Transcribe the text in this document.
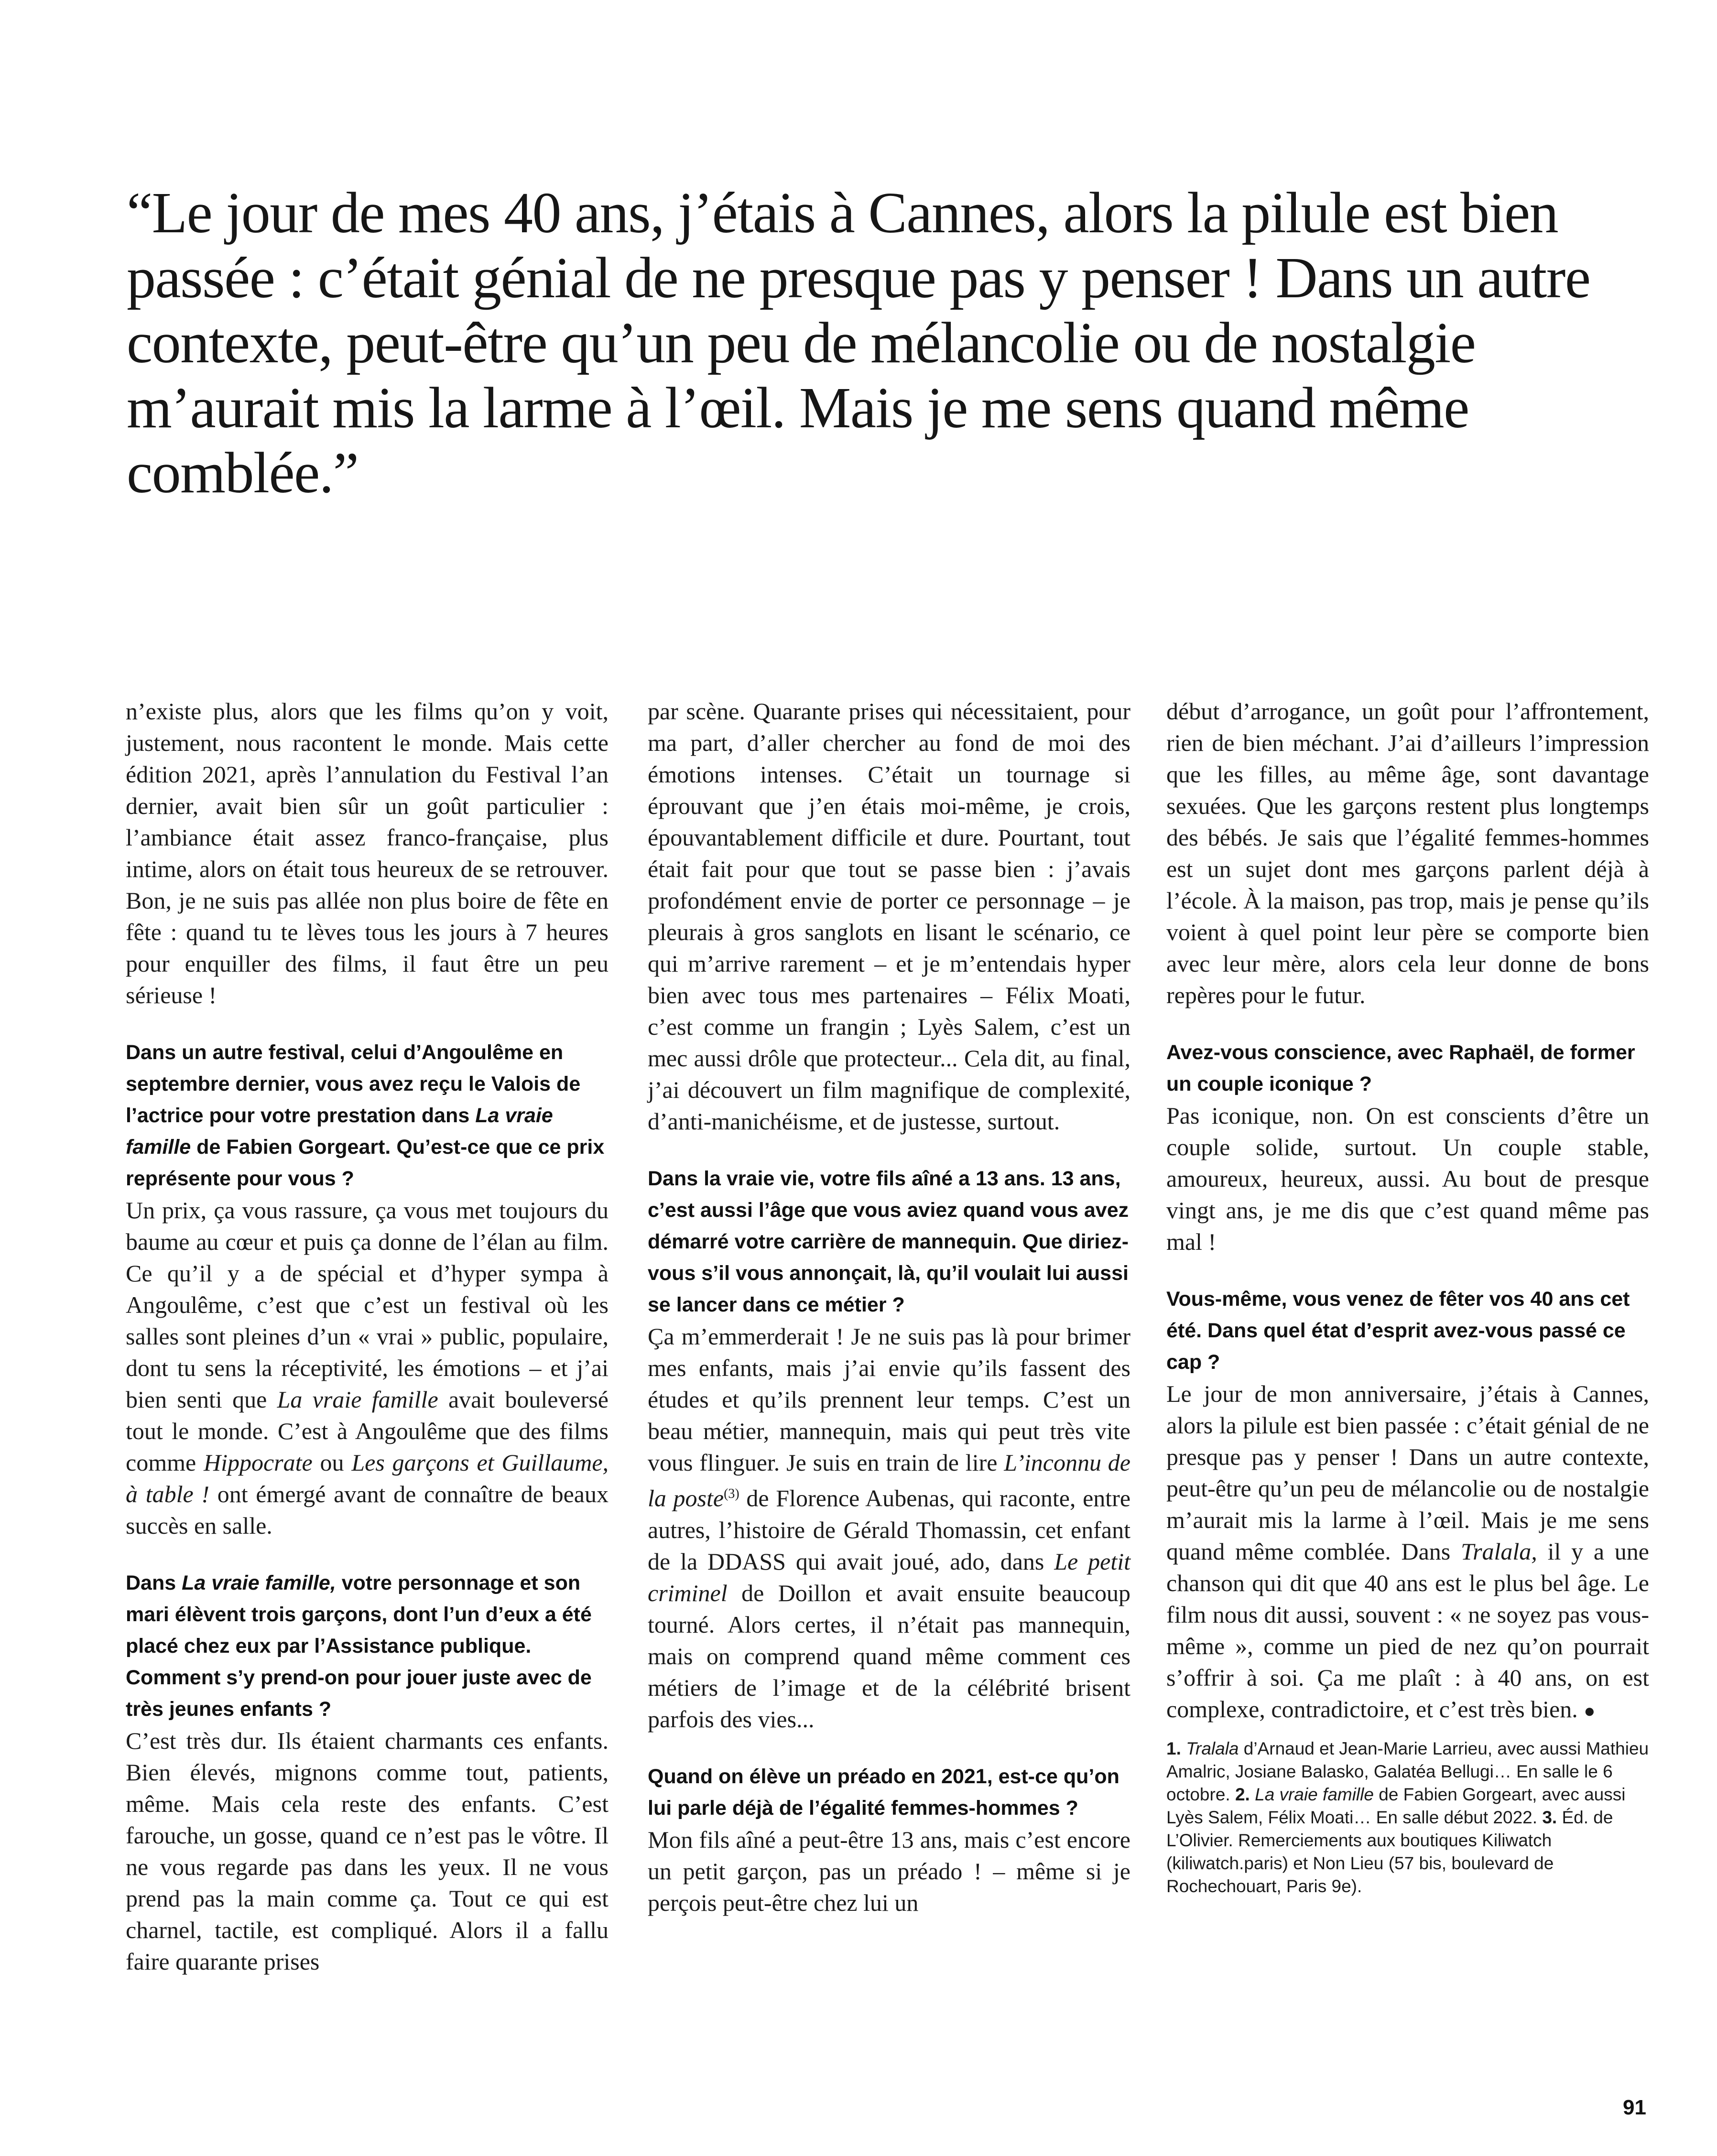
“Le jour de mes 40 ans, j’étais à Cannes, alors la pilule est bien passée : c’était génial de ne presque pas y penser ! Dans un autre contexte, peut-être qu’un peu de mélancolie ou de nostalgie m’aurait mis la larme à l’œil. Mais je me sens quand même comblée.”

n’existe plus, alors que les films qu’on y voit, justement, nous racontent le monde. Mais cette édition 2021, après l’annulation du Festival l’an dernier, avait bien sûr un goût particulier : l’ambiance était assez franco-française, plus intime, alors on était tous heureux de se retrouver. Bon, je ne suis pas allée non plus boire de fête en fête : quand tu te lèves tous les jours à 7 heures pour enquiller des films, il faut être un peu sérieuse !

Dans un autre festival, celui d’Angoulême en septembre dernier, vous avez reçu le Valois de l’actrice pour votre prestation dans La vraie famille de Fabien Gorgeart. Qu’est-ce que ce prix représente pour vous ?

Un prix, ça vous rassure, ça vous met toujours du baume au cœur et puis ça donne de l’élan au film. Ce qu’il y a de spécial et d’hyper sympa à Angoulême, c’est que c’est un festival où les salles sont pleines d’un « vrai » public, populaire, dont tu sens la réceptivité, les émotions – et j’ai bien senti que La vraie famille avait bouleversé tout le monde. C’est à Angoulême que des films comme Hippocrate ou Les garçons et Guillaume, à table ! ont émergé avant de connaître de beaux succès en salle.

Dans La vraie famille, votre personnage et son mari élèvent trois garçons, dont l’un d’eux a été placé chez eux par l’Assistance publique. Comment s’y prend-on pour jouer juste avec de très jeunes enfants ?

C’est très dur. Ils étaient charmants ces enfants. Bien élevés, mignons comme tout, patients, même. Mais cela reste des enfants. C’est farouche, un gosse, quand ce n’est pas le vôtre. Il ne vous regarde pas dans les yeux. Il ne vous prend pas la main comme ça. Tout ce qui est charnel, tactile, est compliqué. Alors il a fallu faire quarante prises

par scène. Quarante prises qui nécessitaient, pour ma part, d’aller chercher au fond de moi des émotions intenses. C’était un tournage si éprouvant que j’en étais moi-même, je crois, épouvantablement difficile et dure. Pourtant, tout était fait pour que tout se passe bien : j’avais profondément envie de porter ce personnage – je pleurais à gros sanglots en lisant le scénario, ce qui m’arrive rarement – et je m’entendais hyper bien avec tous mes partenaires – Félix Moati, c’est comme un frangin ; Lyès Salem, c’est un mec aussi drôle que protecteur... Cela dit, au final, j’ai découvert un film magnifique de complexité, d’anti-manichéisme, et de justesse, surtout.

Dans la vraie vie, votre fils aîné a 13 ans. 13 ans, c’est aussi l’âge que vous aviez quand vous avez démarré votre carrière de mannequin. Que diriez-vous s’il vous annonçait, là, qu’il voulait lui aussi se lancer dans ce métier ?

Ça m’emmerderait ! Je ne suis pas là pour brimer mes enfants, mais j’ai envie qu’ils fassent des études et qu’ils prennent leur temps. C’est un beau métier, mannequin, mais qui peut très vite vous flinguer. Je suis en train de lire L’inconnu de la poste$^{(3)}$ de Florence Aubenas, qui raconte, entre autres, l’histoire de Gérald Thomassin, cet enfant de la DDASS qui avait joué, ado, dans Le petit criminel de Doillon et avait ensuite beaucoup tourné. Alors certes, il n’était pas mannequin, mais on comprend quand même comment ces métiers de l’image et de la célébrité brisent parfois des vies...

Quand on élève un préado en 2021, est-ce qu’on lui parle déjà de l’égalité femmes-hommes ?

Mon fils aîné a peut-être 13 ans, mais c’est encore un petit garçon, pas un préado ! – même si je perçois peut-être chez lui un

début d’arrogance, un goût pour l’affrontement, rien de bien méchant. J’ai d’ailleurs l’impression que les filles, au même âge, sont davantage sexuées. Que les garçons restent plus longtemps des bébés. Je sais que l’égalité femmes-hommes est un sujet dont mes garçons parlent déjà à l’école. À la maison, pas trop, mais je pense qu’ils voient à quel point leur père se comporte bien avec leur mère, alors cela leur donne de bons repères pour le futur.

Avez-vous conscience, avec Raphaël, de former un couple iconique ?

Pas iconique, non. On est conscients d’être un couple solide, surtout. Un couple stable, amoureux, heureux, aussi. Au bout de presque vingt ans, je me dis que c’est quand même pas mal !

Vous-même, vous venez de fêter vos 40 ans cet été. Dans quel état d’esprit avez-vous passé ce cap ?

Le jour de mon anniversaire, j’étais à Cannes, alors la pilule est bien passée : c’était génial de ne presque pas y penser ! Dans un autre contexte, peut-être qu’un peu de mélancolie ou de nostalgie m’aurait mis la larme à l’œil. Mais je me sens quand même comblée. Dans Tralala, il y a une chanson qui dit que 40 ans est le plus bel âge. Le film nous dit aussi, souvent : « ne soyez pas vous-même », comme un pied de nez qu’on pourrait s’offrir à soi. Ça me plaît : à 40 ans, on est complexe, contradictoire, et c’est très bien. ●

1. Tralala d’Arnaud et Jean-Marie Larrieu, avec aussi Mathieu Amalric, Josiane Balasko, Galatéa Bellugi… En salle le 6 octobre. 2. La vraie famille de Fabien Gorgeart, avec aussi Lyès Salem, Félix Moati… En salle début 2022. 3. Éd. de L’Olivier. Remerciements aux boutiques Kiliwatch (kiliwatch.paris) et Non Lieu (57 bis, boulevard de Rochechouart, Paris 9e).

91
